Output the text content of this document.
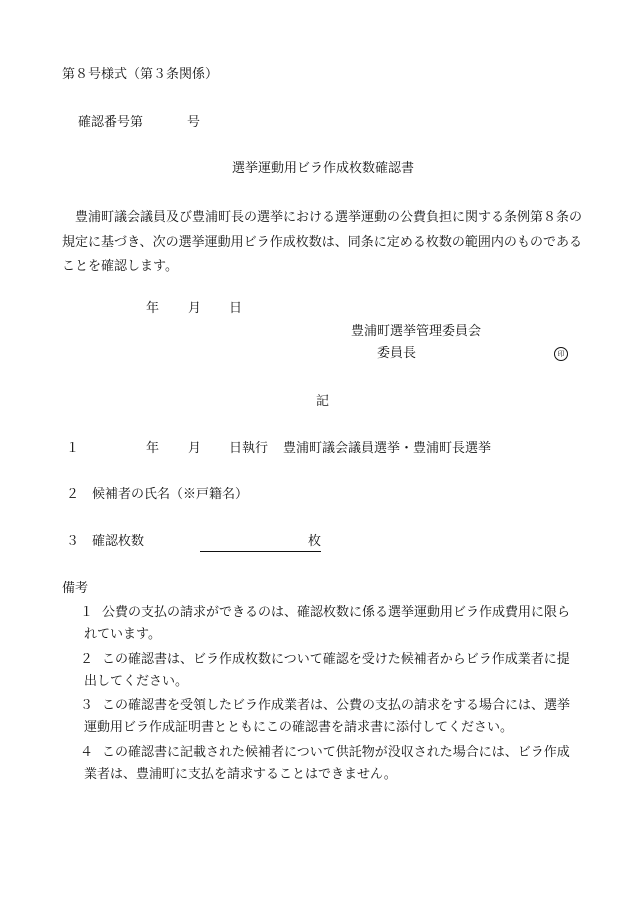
第８号様式（第３条関係）
確認番号第	号
選挙運動用ビラ作成枚数確認書
豊浦町議会議員及び豊浦町長の選挙における選挙運動の公費負担に関する条例第８条の規定に基づき、次の選挙運動用ビラ作成枚数は、同条に定める枚数の範囲内のものであることを確認します。
年 月 日
豊浦町選挙管理委員会
委員長	印
記
１	年 月 日執行 豊浦町議会議員選挙・豊浦町長選挙
２ 候補者の氏名（※戸籍名）
３ 確認枚数	枚
備考
１ 公費の支払の請求ができるのは、確認枚数に係る選挙運動用ビラ作成費用に限られています。
２ この確認書は、ビラ作成枚数について確認を受けた候補者からビラ作成業者に提出してください。
３ この確認書を受領したビラ作成業者は、公費の支払の請求をする場合には、選挙運動用ビラ作成証明書とともにこの確認書を請求書に添付してください。
４ この確認書に記載された候補者について供託物が没収された場合には、ビラ作成業者は、豊浦町に支払を請求することはできません。
